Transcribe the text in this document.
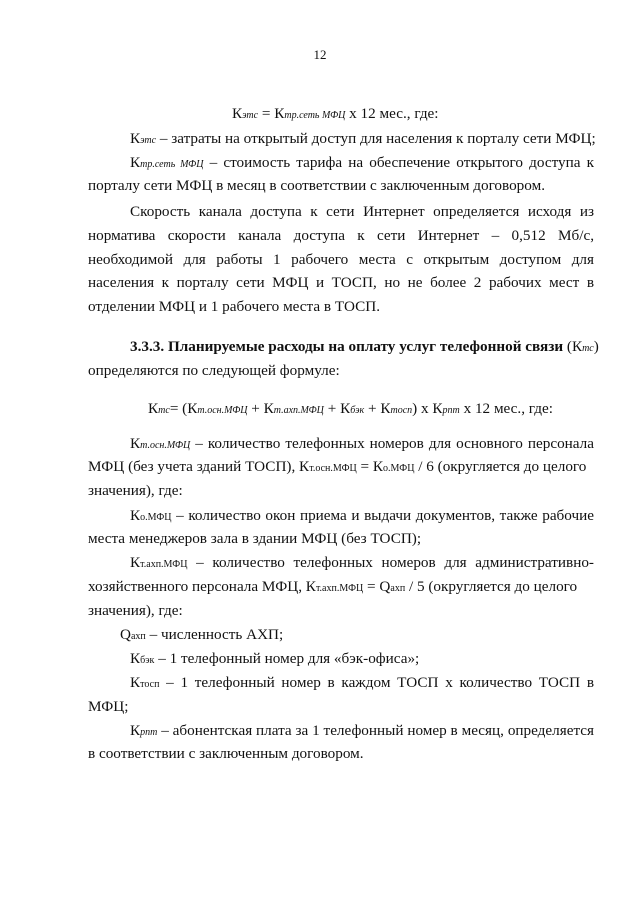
12
Кэтс = Ктр.сеть МФЦ х 12 мес., где:
Кэтс – затраты на открытый доступ для населения к порталу сети МФЦ;
Ктр.сеть МФЦ – стоимость тарифа на обеспечение открытого доступа к
порталу сети МФЦ в месяц в соответствии с заключенным договором.
Скорость канала доступа к сети Интернет определяется исходя из
норматива скорости канала доступа к сети Интернет – 0,512 Мб/с,
необходимой для работы 1 рабочего места с открытым доступом для
населения к порталу сети МФЦ и ТОСП, но не более 2 рабочих мест в
отделении МФЦ и 1 рабочего места в ТОСП.
3.3.3. Планируемые расходы на оплату услуг телефонной связи (Ктс)
определяются по следующей формуле:
Ктс= (Кт.осн.МФЦ + Кт.ахп.МФЦ + Кбэк + Ктосп) х Крпт х 12 мес., где:
Кт.осн.МФЦ – количество телефонных номеров для основного персонала
МФЦ (без учета зданий ТОСП), Кт.осн.МФЦ = Ко.МФЦ / 6 (округляется до целого
значения), где:
Ко.МФЦ – количество окон приема и выдачи документов, также рабочие
места менеджеров зала в здании МФЦ (без ТОСП);
Кт.ахп.МФЦ – количество телефонных номеров для административно-
хозяйственного персонала МФЦ, Кт.ахп.МФЦ = Qахп / 5 (округляется до целого
значения), где:
Qахп – численность АХП;
Кбэк – 1 телефонный номер для «бэк-офиса»;
Ктосп – 1 телефонный номер в каждом ТОСП х количество ТОСП в
МФЦ;
Крпт – абонентская плата за 1 телефонный номер в месяц, определяется
в соответствии с заключенным договором.
